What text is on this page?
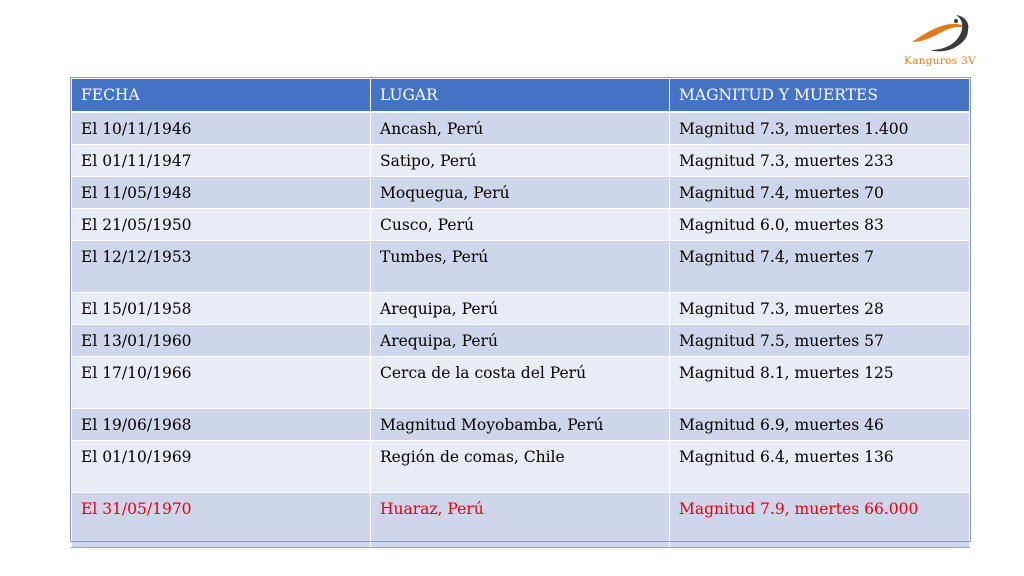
Kanguros 3V
FECHA	LUGAR	MAGNITUD Y MUERTES
El 10/11/1946	Ancash, Perú	Magnitud 7.3, muertes 1.400
El 01/11/1947	Satipo, Perú	Magnitud 7.3, muertes 233
El 11/05/1948	Moquegua, Perú	Magnitud 7.4, muertes 70
El 21/05/1950	Cusco, Perú	Magnitud 6.0, muertes 83
El 12/12/1953	Tumbes, Perú	Magnitud 7.4, muertes 7
El 15/01/1958	Arequipa, Perú	Magnitud 7.3, muertes 28
El 13/01/1960	Arequipa, Perú	Magnitud 7.5, muertes 57
El 17/10/1966	Cerca de la costa del Perú	Magnitud 8.1, muertes 125
El 19/06/1968	Magnitud Moyobamba, Perú	Magnitud 6.9, muertes 46
El 01/10/1969	Región de comas, Chile	Magnitud 6.4, muertes 136
El 31/05/1970	Huaraz, Perú	Magnitud 7.9, muertes 66.000
